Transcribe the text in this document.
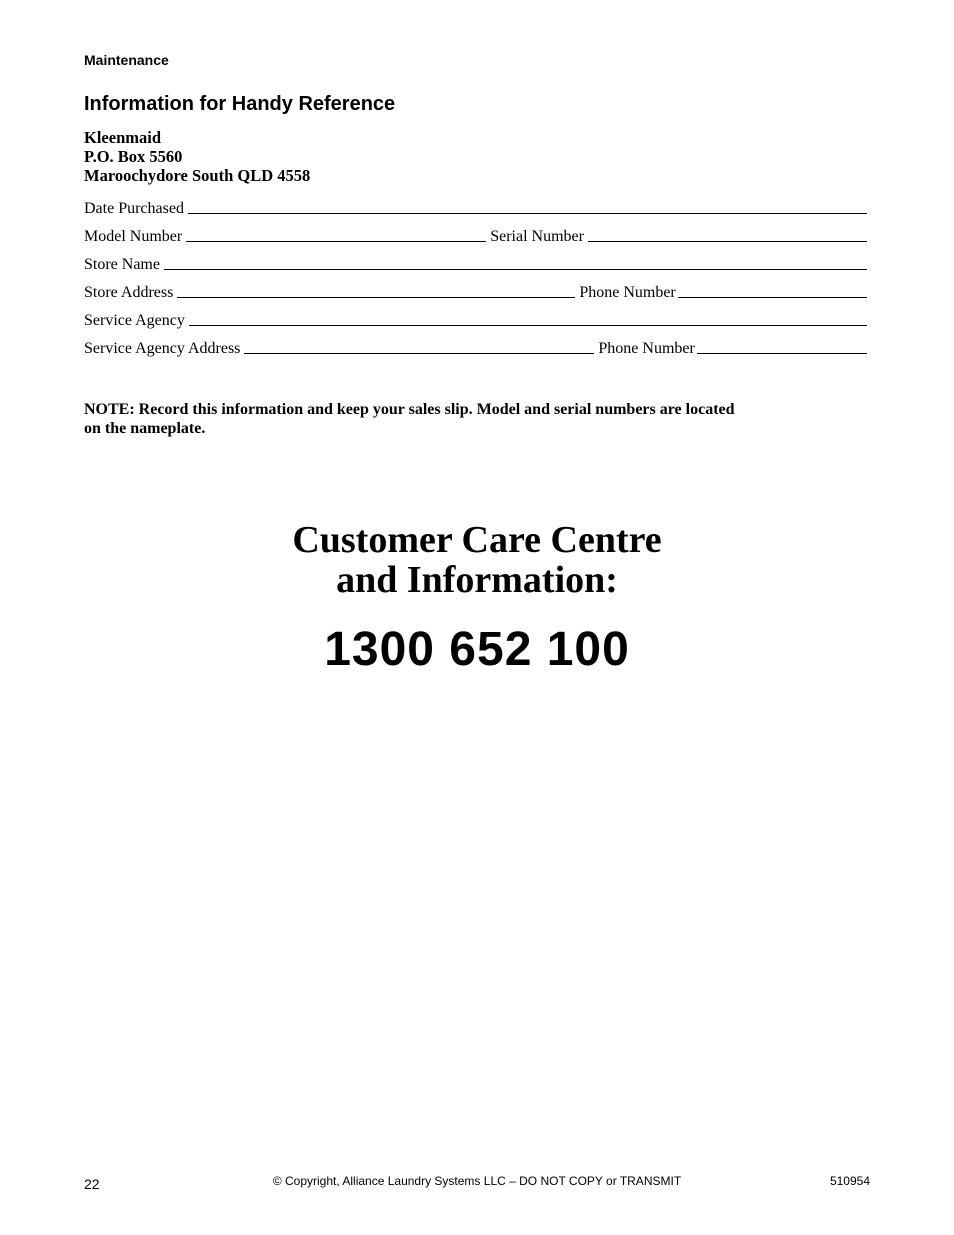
Maintenance
Information for Handy Reference
Kleenmaid
P.O. Box 5560
Maroochydore South QLD 4558
Date Purchased
Model Number	Serial Number
Store Name
Store Address	Phone Number
Service Agency
Service Agency Address	Phone Number
NOTE: Record this information and keep your sales slip. Model and serial numbers are located
on the nameplate.
Customer Care Centre
and Information:
1300 652 100
22	© Copyright, Alliance Laundry Systems LLC – DO NOT COPY or TRANSMIT	510954
